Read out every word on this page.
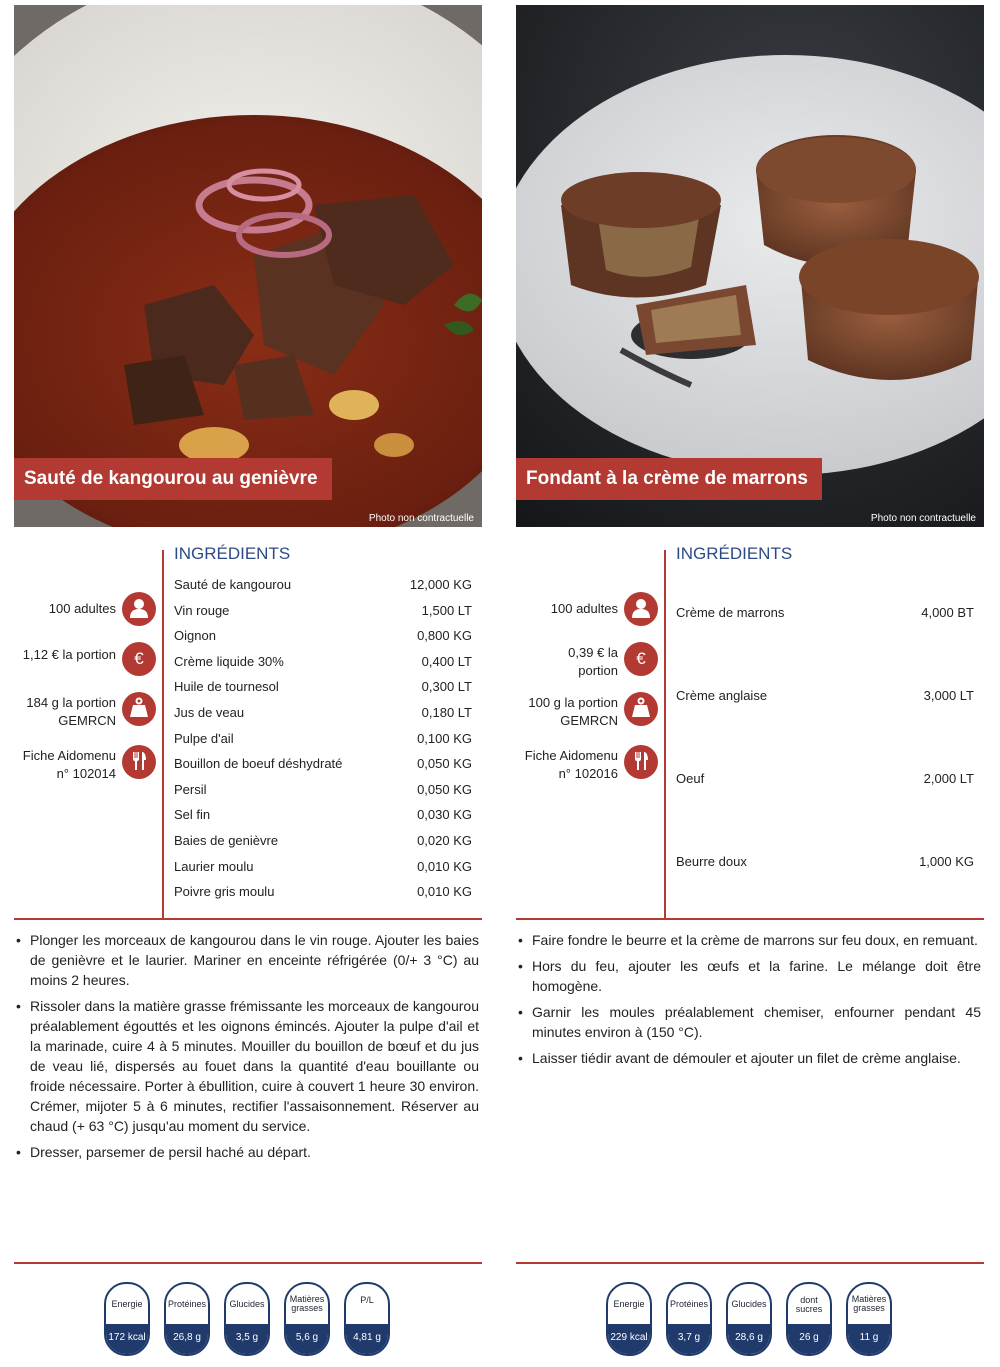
Sauté de kangourou au genièvre
Photo non contractuelle
100 adultes
1,12 € la portion	€
184 g la portion GEMRCN
Fiche Aidomenu n° 102014
INGRÉDIENTS
Sauté de kangourou	12,000 KG
Vin rouge	1,500 LT
Oignon	0,800 KG
Crème liquide 30%	0,400 LT
Huile de tournesol	0,300 LT
Jus de veau	0,180 LT
Pulpe d'ail	0,100 KG
Bouillon de boeuf déshydraté	0,050 KG
Persil	0,050 KG
Sel fin	0,030 KG
Baies de genièvre	0,020 KG
Laurier moulu	0,010 KG
Poivre gris moulu	0,010 KG
• Plonger les morceaux de kangourou dans le vin rouge. Ajouter les baies de genièvre et le laurier. Mariner en enceinte réfrigérée (0/+ 3 °C) au moins 2 heures.
• Rissoler dans la matière grasse frémissante les morceaux de kangourou préalablement égouttés et les oignons émincés. Ajouter la pulpe d'ail et la marinade, cuire 4 à 5 minutes. Mouiller du bouillon de bœuf et du jus de veau lié, dispersés au fouet dans la quantité d'eau bouillante ou froide nécessaire. Porter à ébullition, cuire à couvert 1 heure 30 environ. Crémer, mijoter 5 à 6 minutes, rectifier l'assaisonnement. Réserver au chaud (+ 63 °C) jusqu'au moment du service.
• Dresser, parsemer de persil haché au départ.
Energie
172 kcal
Protéines
26,8 g
Glucides
3,5 g
Matières grasses
5,6 g
P/L
4,81 g
Fondant à la crème de marrons
Photo non contractuelle
100 adultes
0,39 € la portion
€
100 g la portion GEMRCN
Fiche Aidomenu n° 102016
INGRÉDIENTS
Crème de marrons	4,000 BT
Crème anglaise	3,000 LT
Oeuf	2,000 LT
Beurre doux	1,000 KG
• Faire fondre le beurre et la crème de marrons sur feu doux, en remuant.
• Hors du feu, ajouter les œufs et la farine. Le mélange doit être homogène.
• Garnir les moules préalablement chemiser, enfourner pendant 45 minutes environ à (150 °C).
• Laisser tiédir avant de démouler et ajouter un filet de crème anglaise.
Energie
229 kcal
Protéines
3,7 g
Glucides
28,6 g
dont sucres
26 g
Matières grasses
11 g
